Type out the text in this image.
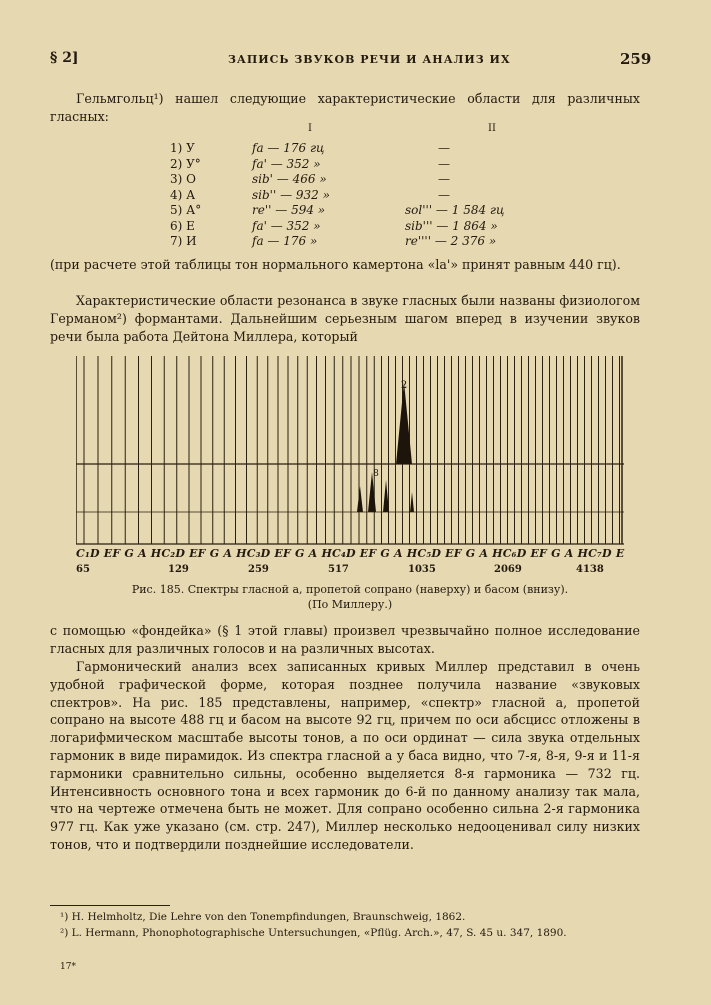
§ 2]	ЗАПИСЬ ЗВУКОВ РЕЧИ И АНАЛИЗ ИХ	259
Гельмгольц¹) нашел следующие характеристические области для различных гласных:
I	II
1) У	fa — 176 гц	—
2) У°	fa' — 352 »	—
3) О	sib' — 466 »	—
4) А	sib'' — 932 »	—
5) А°	re'' — 594 »	sol''' — 1 584 гц
6) Е	fa' — 352 »	sib''' — 1 864 »
7) И	fa — 176 »	re'''' — 2 376 »
(при расчете этой таблицы тон нормального камертона «la'» принят равным 440 гц).
Характеристические области резонанса в звуке гласных были названы физиологом Германом²) формантами. Дальнейшим серьезным шагом вперед в изучении звуков речи была работа Дейтона Миллера, который
2
8
C₁D EF G A HC₂D EF G A HC₃D EF G A HC₄D EF G A HC₅D EF G A HC₆D EF G A HC₇D E
65	129	259	517	1035	2069	4138
Рис. 185. Спектры гласной а, пропетой сопрано (наверху) и басом (внизу).
(По Миллеру.)
с помощью «фондейка» (§ 1 этой главы) произвел чрезвычайно полное исследование гласных для различных голосов и на различных высотах.
Гармонический анализ всех записанных кривых Миллер представил в очень удобной графической форме, которая позднее получила название «звуковых спектров». На рис. 185 представлены, например, «спектр» гласной а, пропетой сопрано на высоте 488 гц и басом на высоте 92 гц, причем по оси абсцисс отложены в логарифмическом масштабе высоты тонов, а по оси ординат — сила звука отдельных гармоник в виде пирамидок. Из спектра гласной а у баса видно, что 7-я, 8-я, 9-я и 11-я гармоники сравнительно сильны, особенно выделяется 8-я гармоника — 732 гц. Интенсивность основного тона и всех гармоник до 6-й по данному анализу так мала, что на чертеже отмечена быть не может. Для сопрано особенно сильна 2-я гармоника 977 гц. Как уже указано (см. стр. 247), Миллер несколько недооценивал силу низких тонов, что и подтвердили позднейшие исследователи.
¹) H. Helmholtz, Die Lehre von den Tonempfindungen, Braunschweig, 1862.
²) L. Hermann, Phonophotographische Untersuchungen, «Pflüg. Arch.», 47, S. 45 u. 347, 1890.
17*
